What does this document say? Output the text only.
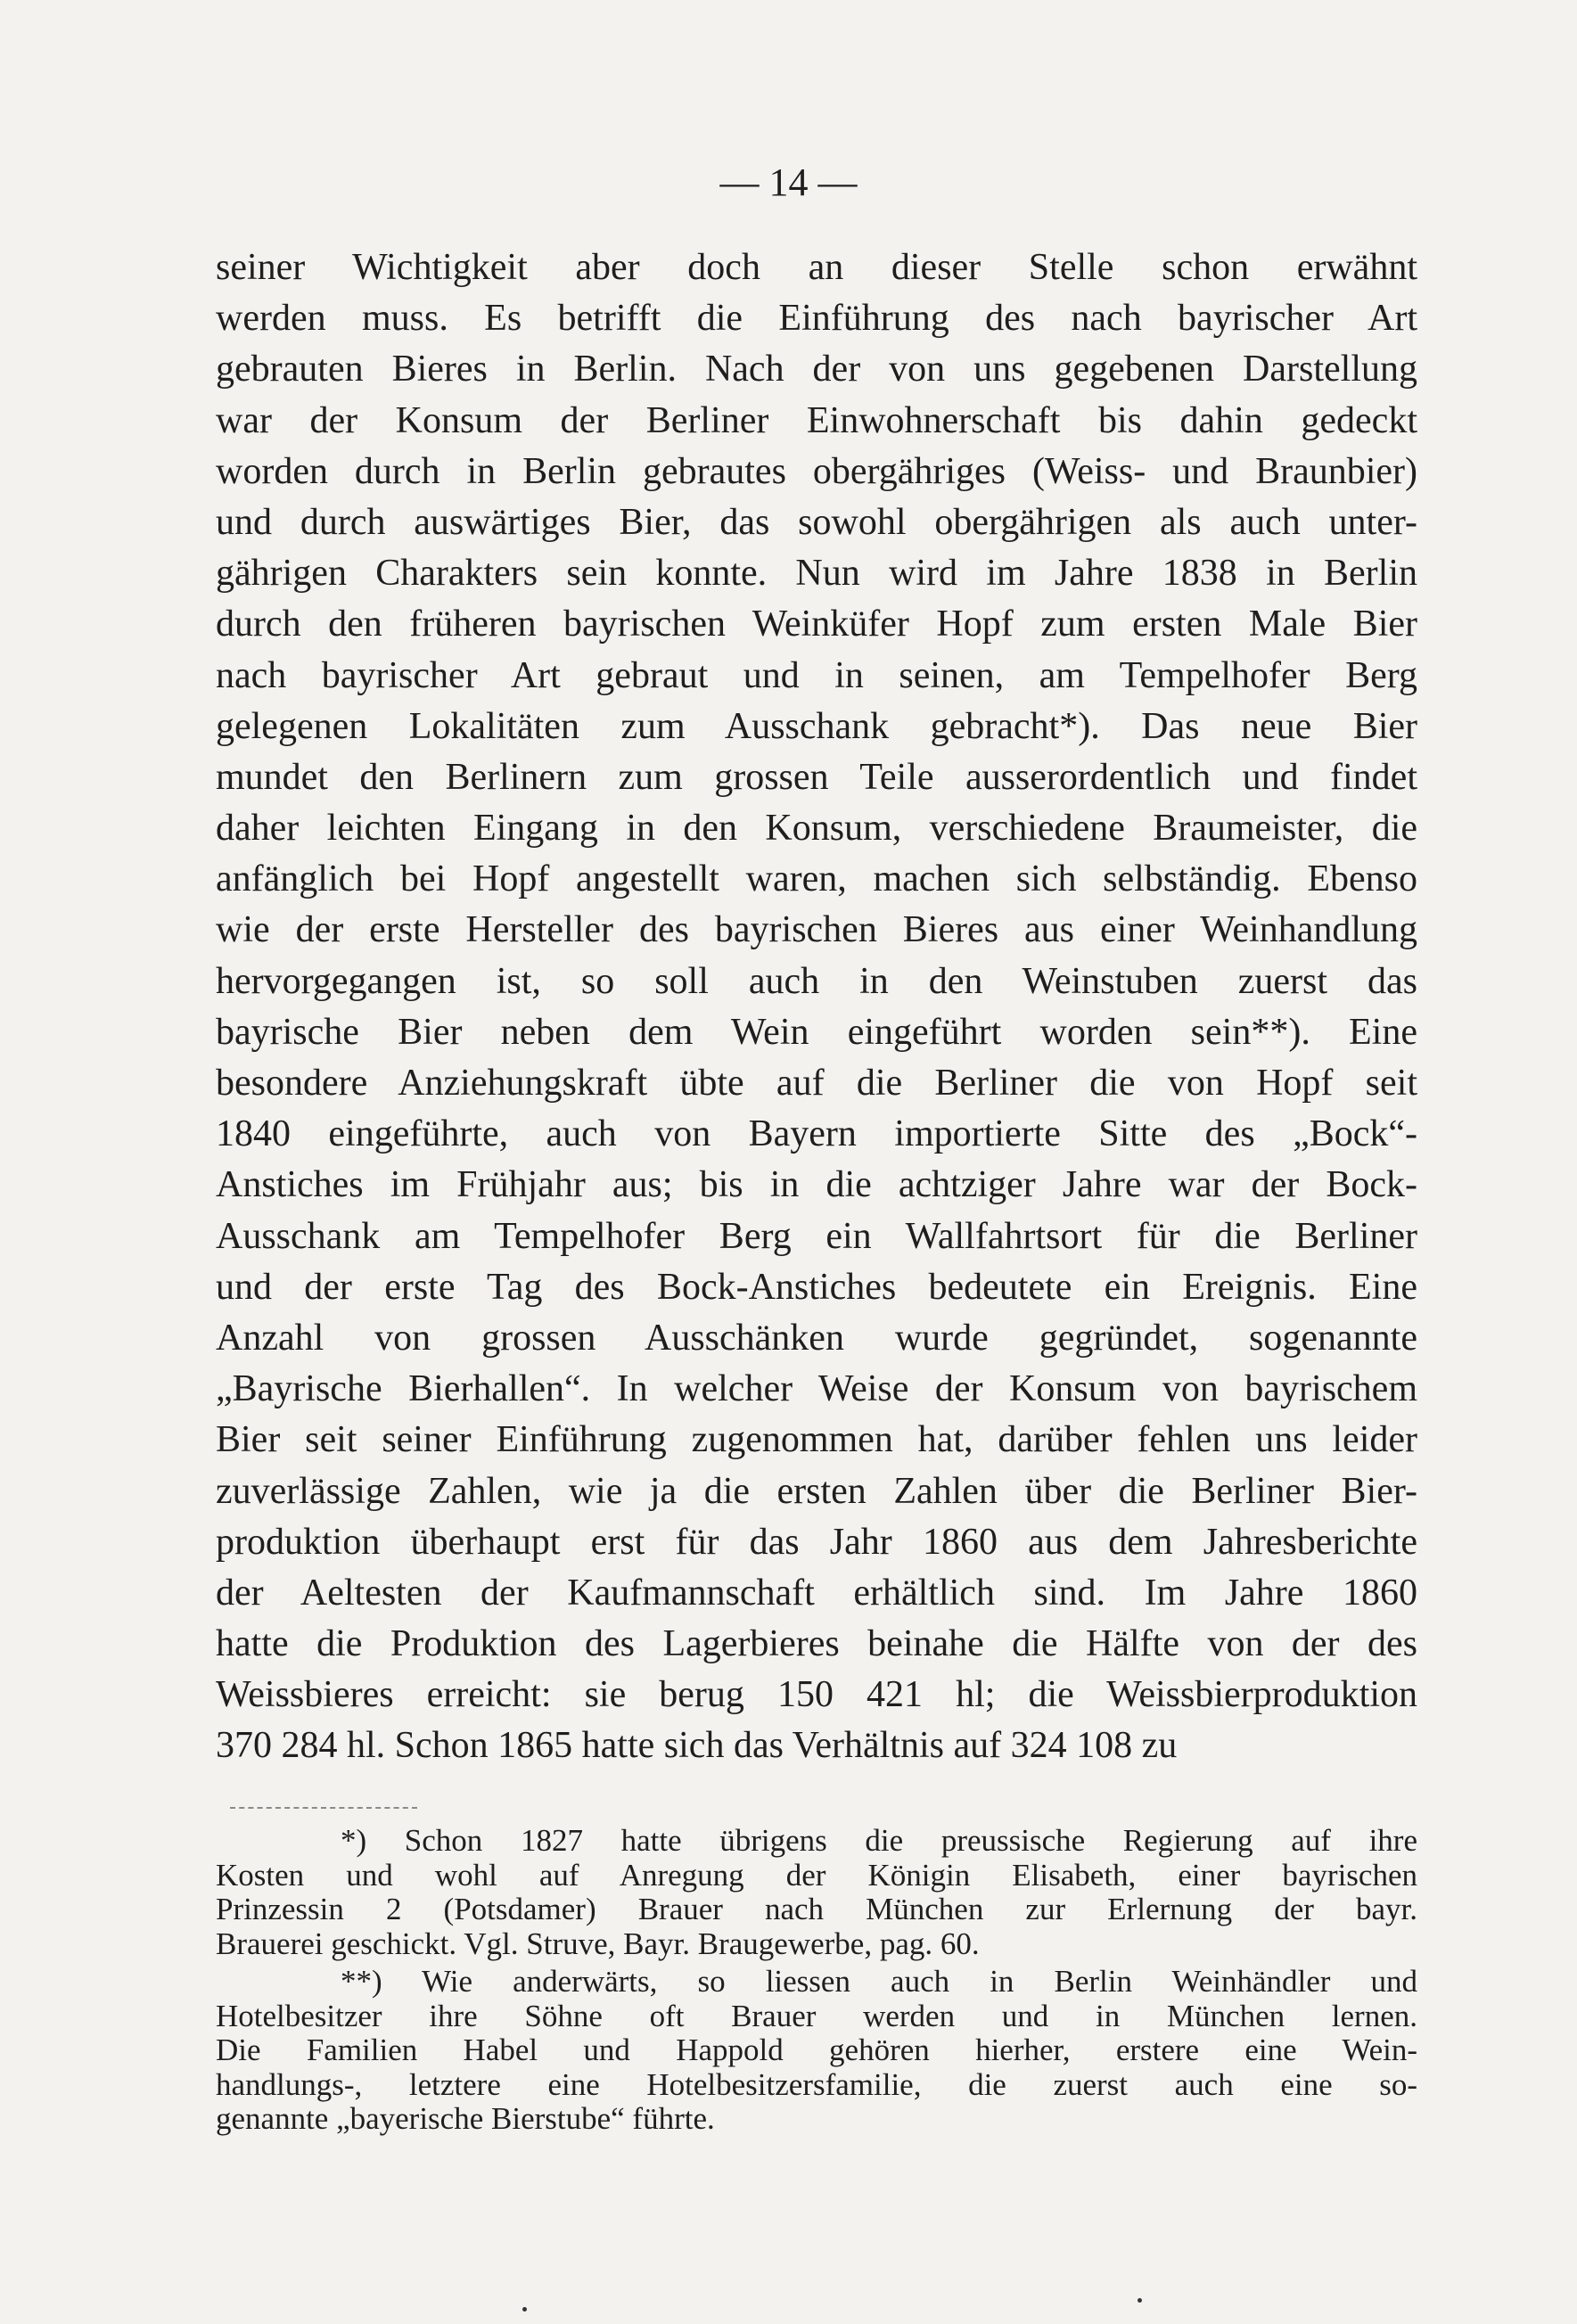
— 14 —
seiner Wichtigkeit aber doch an dieser Stelle schon erwähnt
werden muss. Es betrifft die Einführung des nach bayrischer Art
gebrauten Bieres in Berlin. Nach der von uns gegebenen Darstellung
war der Konsum der Berliner Einwohnerschaft bis dahin gedeckt
worden durch in Berlin gebrautes obergähriges (Weiss- und Braunbier)
und durch auswärtiges Bier, das sowohl obergährigen als auch unter-
gährigen Charakters sein konnte. Nun wird im Jahre 1838 in Berlin
durch den früheren bayrischen Weinküfer Hopf zum ersten Male Bier
nach bayrischer Art gebraut und in seinen, am Tempelhofer Berg
gelegenen Lokalitäten zum Ausschank gebracht*). Das neue Bier
mundet den Berlinern zum grossen Teile ausserordentlich und findet
daher leichten Eingang in den Konsum, verschiedene Braumeister, die
anfänglich bei Hopf angestellt waren, machen sich selbständig. Ebenso
wie der erste Hersteller des bayrischen Bieres aus einer Weinhandlung
hervorgegangen ist, so soll auch in den Weinstuben zuerst das
bayrische Bier neben dem Wein eingeführt worden sein**). Eine
besondere Anziehungskraft übte auf die Berliner die von Hopf seit
1840 eingeführte, auch von Bayern importierte Sitte des „Bock“-
Anstiches im Frühjahr aus; bis in die achtziger Jahre war der Bock-
Ausschank am Tempelhofer Berg ein Wallfahrtsort für die Berliner
und der erste Tag des Bock-Anstiches bedeutete ein Ereignis. Eine
Anzahl von grossen Ausschänken wurde gegründet, sogenannte
„Bayrische Bierhallen“. In welcher Weise der Konsum von bayrischem
Bier seit seiner Einführung zugenommen hat, darüber fehlen uns leider
zuverlässige Zahlen, wie ja die ersten Zahlen über die Berliner Bier-
produktion überhaupt erst für das Jahr 1860 aus dem Jahresberichte
der Aeltesten der Kaufmannschaft erhältlich sind. Im Jahre 1860
hatte die Produktion des Lagerbieres beinahe die Hälfte von der des
Weissbieres erreicht: sie berug 150 421 hl; die Weissbierproduktion
370 284 hl. Schon 1865 hatte sich das Verhältnis auf 324 108 zu
*) Schon 1827 hatte übrigens die preussische Regierung auf ihre
Kosten und wohl auf Anregung der Königin Elisabeth, einer bayrischen
Prinzessin 2 (Potsdamer) Brauer nach München zur Erlernung der bayr.
Brauerei geschickt. Vgl. Struve, Bayr. Braugewerbe, pag. 60.
**) Wie anderwärts, so liessen auch in Berlin Weinhändler und
Hotelbesitzer ihre Söhne oft Brauer werden und in München lernen.
Die Familien Habel und Happold gehören hierher, erstere eine Wein-
handlungs-, letztere eine Hotelbesitzersfamilie, die zuerst auch eine so-
genannte „bayerische Bierstube“ führte.
